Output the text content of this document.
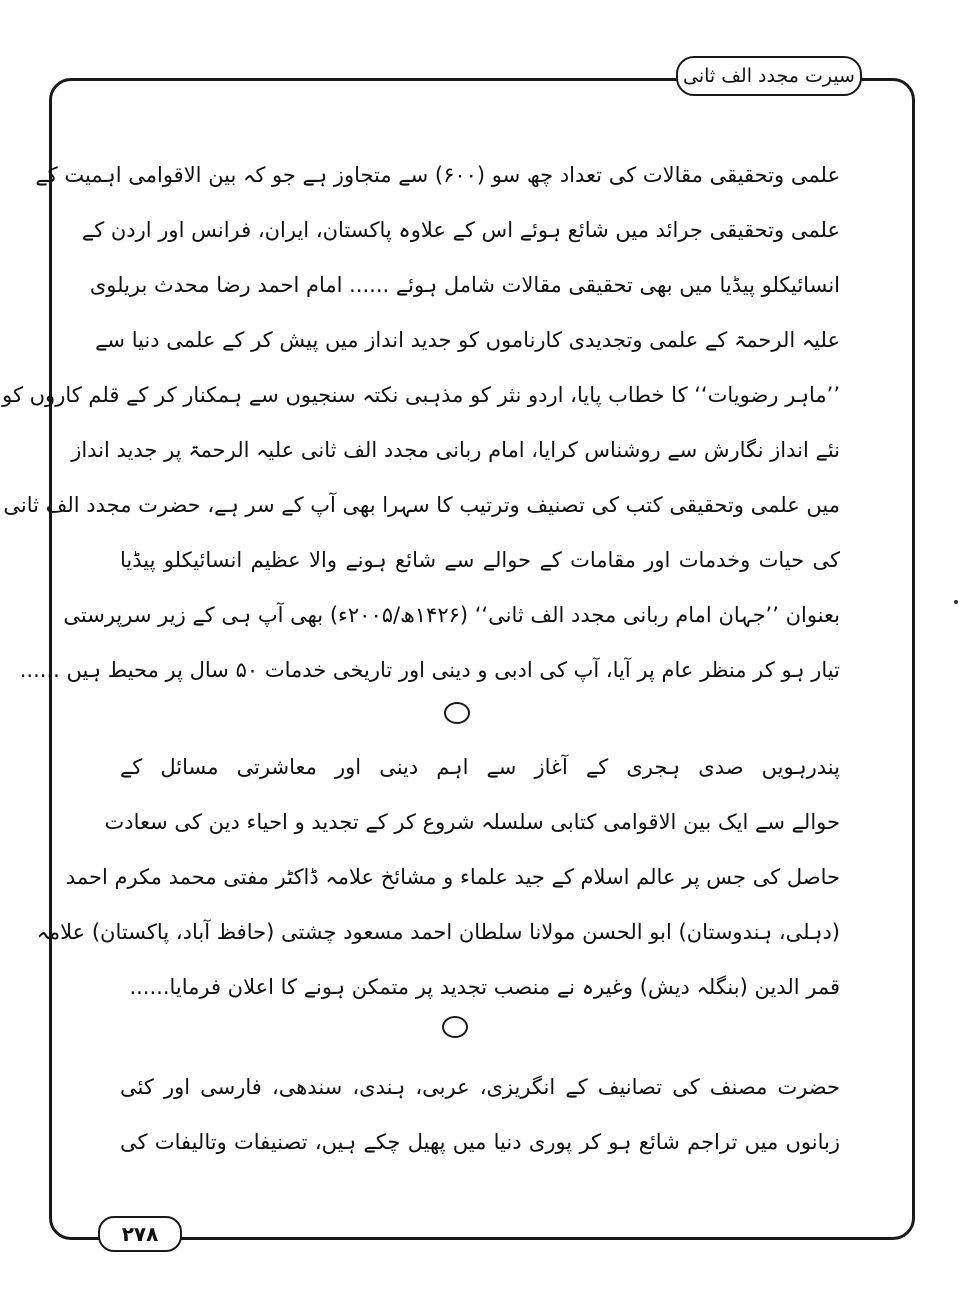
سیرت مجدد الف ثانی
علمی وتحقیقی مقالات کی تعداد چھ سو (۶۰۰) سے متجاوز ہے جو کہ بین الاقوامی اہمیت کے
علمی وتحقیقی جرائد میں شائع ہوئے اس کے علاوہ پاکستان، ایران، فرانس اور اردن کے
انسائیکلو پیڈیا میں بھی تحقیقی مقالات شامل ہوئے ...... امام احمد رضا محدث بریلوی
علیہ الرحمۃ کے علمی وتجدیدی کارناموں کو جدید انداز میں پیش کر کے علمی دنیا سے
’’ماہر رضویات‘‘ کا خطاب پایا، اردو نثر کو مذہبی نکتہ سنجیوں سے ہمکنار کر کے قلم کاروں کو
نئے انداز نگارش سے روشناس کرایا، امام ربانی مجدد الف ثانی علیہ الرحمۃ پر جدید انداز
میں علمی وتحقیقی کتب کی تصنیف وترتیب کا سہرا بھی آپ کے سر ہے، حضرت مجدد الف ثانی
کی حیات وخدمات اور مقامات کے حوالے سے شائع ہونے والا عظیم انسائیکلو پیڈیا
بعنوان ’’جہان امام ربانی مجدد الف ثانی‘‘ (۱۴۲۶ھ/۲۰۰۵ء) بھی آپ ہی کے زیر سرپرستی
تیار ہو کر منظر عام پر آیا، آپ کی ادبی و دینی اور تاریخی خدمات ۵۰ سال پر محیط ہیں ......
پندرہویں صدی ہجری کے آغاز سے اہم دینی اور معاشرتی مسائل کے
حوالے سے ایک بین الاقوامی کتابی سلسلہ شروع کر کے تجدید و احیاء دین کی سعادت
حاصل کی جس پر عالم اسلام کے جید علماء و مشائخ علامہ ڈاکٹر مفتی محمد مکرم احمد
(دہلی، ہندوستان) ابو الحسن مولانا سلطان احمد مسعود چشتی (حافظ آباد، پاکستان) علامہ
قمر الدین (بنگلہ دیش) وغیرہ نے منصب تجدید پر متمکن ہونے کا اعلان فرمایا......
حضرت مصنف کی تصانیف کے انگریزی، عربی، ہندی، سندھی، فارسی اور کئی
زبانوں میں تراجم شائع ہو کر پوری دنیا میں پھیل چکے ہیں، تصنیفات وتالیفات کی
۲۷۸
